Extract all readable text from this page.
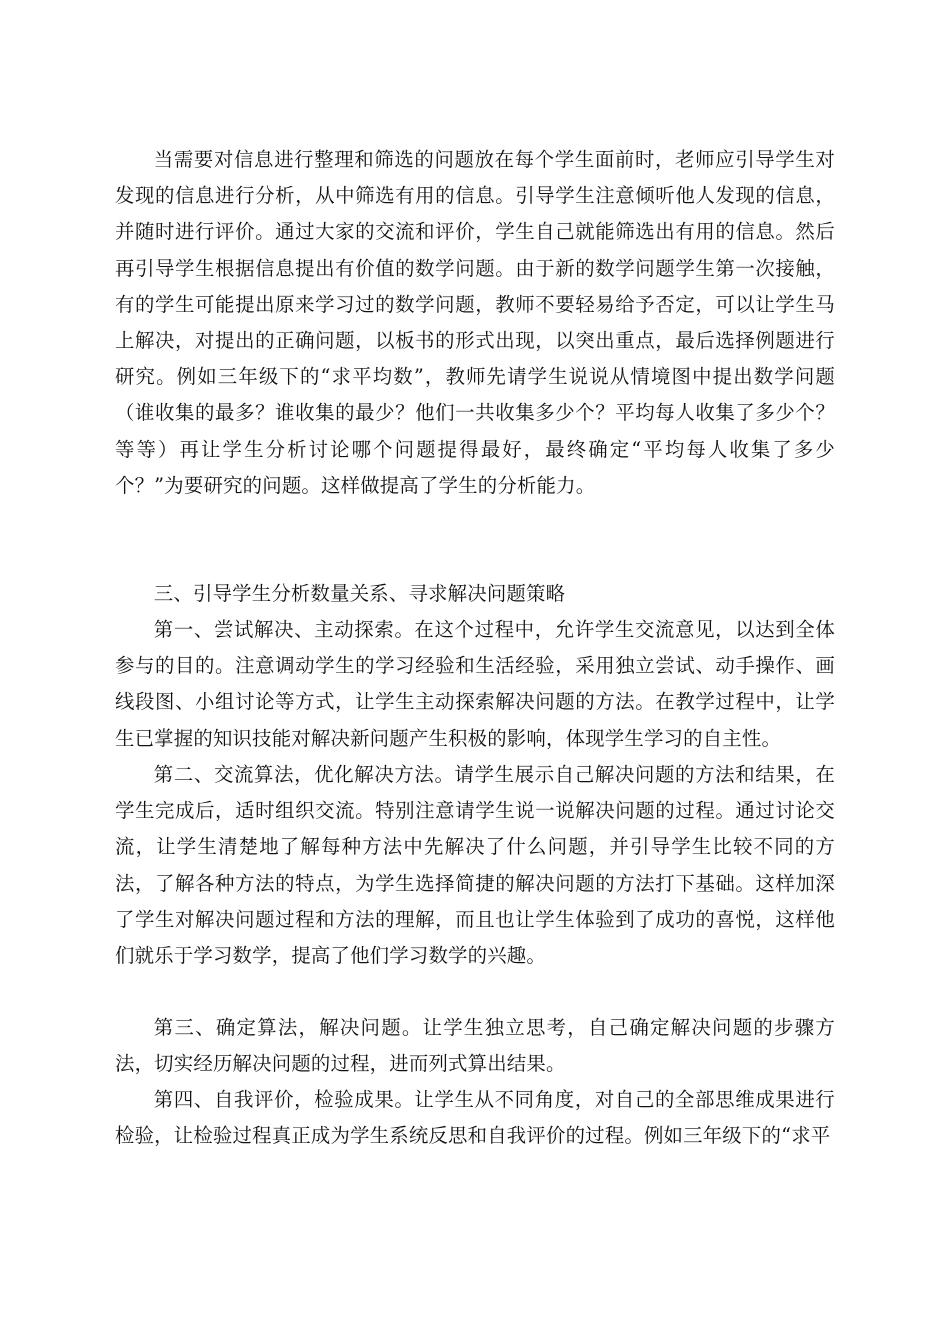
当需要对信息进行整理和筛选的问题放在每个学生面前时，老师应引导学生对发现的信息进行分析，从中筛选有用的信息。引导学生注意倾听他人发现的信息，并随时进行评价。通过大家的交流和评价，学生自己就能筛选出有用的信息。然后再引导学生根据信息提出有价值的数学问题。由于新的数学问题学生第一次接触，有的学生可能提出原来学习过的数学问题，教师不要轻易给予否定，可以让学生马上解决，对提出的正确问题，以板书的形式出现，以突出重点，最后选择例题进行研究。例如三年级下的“求平均数”，教师先请学生说说从情境图中提出数学问题（谁收集的最多？谁收集的最少？他们一共收集多少个？平均每人收集了多少个？等等）再让学生分析讨论哪个问题提得最好，最终确定“平均每人收集了多少个？”为要研究的问题。这样做提高了学生的分析能力。

三、引导学生分析数量关系、寻求解决问题策略

第一、尝试解决、主动探索。在这个过程中，允许学生交流意见，以达到全体参与的目的。注意调动学生的学习经验和生活经验，采用独立尝试、动手操作、画线段图、小组讨论等方式，让学生主动探索解决问题的方法。在教学过程中，让学生已掌握的知识技能对解决新问题产生积极的影响，体现学生学习的自主性。

第二、交流算法，优化解决方法。请学生展示自己解决问题的方法和结果，在学生完成后，适时组织交流。特别注意请学生说一说解决问题的过程。通过讨论交流，让学生清楚地了解每种方法中先解决了什么问题，并引导学生比较不同的方法，了解各种方法的特点，为学生选择简捷的解决问题的方法打下基础。这样加深了学生对解决问题过程和方法的理解，而且也让学生体验到了成功的喜悦，这样他们就乐于学习数学，提高了他们学习数学的兴趣。

第三、确定算法，解决问题。让学生独立思考，自己确定解决问题的步骤方法，切实经历解决问题的过程，进而列式算出结果。

第四、自我评价，检验成果。让学生从不同角度，对自己的全部思维成果进行检验，让检验过程真正成为学生系统反思和自我评价的过程。例如三年级下的“求平
